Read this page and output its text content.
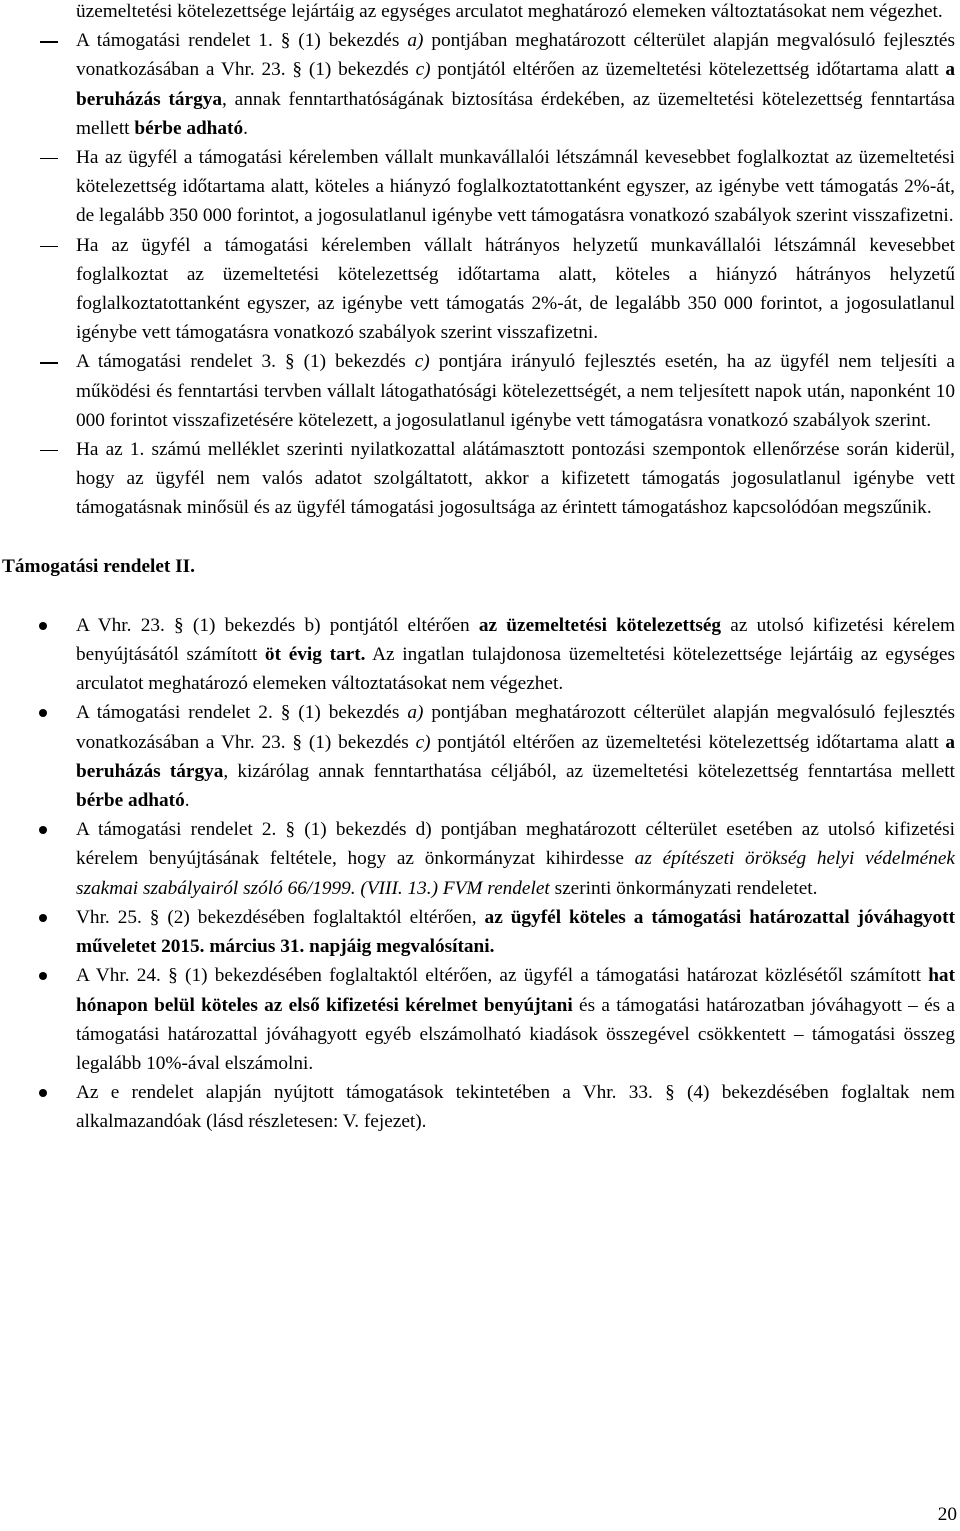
üzemeltetési kötelezettsége lejártáig az egységes arculatot meghatározó elemeken változtatásokat nem végezhet.
A támogatási rendelet 1. § (1) bekezdés a) pontjában meghatározott célterület alapján megvalósuló fejlesztés vonatkozásában a Vhr. 23. § (1) bekezdés c) pontjától eltérően az üzemeltetési kötelezettség időtartama alatt a beruházás tárgya, annak fenntarthatóságának biztosítása érdekében, az üzemeltetési kötelezettség fenntartása mellett bérbe adható.
Ha az ügyfél a támogatási kérelemben vállalt munkavállalói létszámnál kevesebbet foglalkoztat az üzemeltetési kötelezettség időtartama alatt, köteles a hiányzó foglalkoztatottanként egyszer, az igénybe vett támogatás 2%-át, de legalább 350 000 forintot, a jogosulatlanul igénybe vett támogatásra vonatkozó szabályok szerint visszafizetni.
Ha az ügyfél a támogatási kérelemben vállalt hátrányos helyzetű munkavállalói létszámnál kevesebbet foglalkoztat az üzemeltetési kötelezettség időtartama alatt, köteles a hiányzó hátrányos helyzetű foglalkoztatottanként egyszer, az igénybe vett támogatás 2%-át, de legalább 350 000 forintot, a jogosulatlanul igénybe vett támogatásra vonatkozó szabályok szerint visszafizetni.
A támogatási rendelet 3. § (1) bekezdés c) pontjára irányuló fejlesztés esetén, ha az ügyfél nem teljesíti a működési és fenntartási tervben vállalt látogathatósági kötelezettségét, a nem teljesített napok után, naponként 10 000 forintot visszafizetésére kötelezett, a jogosulatlanul igénybe vett támogatásra vonatkozó szabályok szerint.
Ha az 1. számú melléklet szerinti nyilatkozattal alátámasztott pontozási szempontok ellenőrzése során kiderül, hogy az ügyfél nem valós adatot szolgáltatott, akkor a kifizetett támogatás jogosulatlanul igénybe vett támogatásnak minősül és az ügyfél támogatási jogosultsága az érintett támogatáshoz kapcsolódóan megszűnik.
Támogatási rendelet II.
A Vhr. 23. § (1) bekezdés b) pontjától eltérően az üzemeltetési kötelezettség az utolsó kifizetési kérelem benyújtásától számított öt évig tart. Az ingatlan tulajdonosa üzemeltetési kötelezettsége lejártáig az egységes arculatot meghatározó elemeken változtatásokat nem végezhet.
A támogatási rendelet 2. § (1) bekezdés a) pontjában meghatározott célterület alapján megvalósuló fejlesztés vonatkozásában a Vhr. 23. § (1) bekezdés c) pontjától eltérően az üzemeltetési kötelezettség időtartama alatt a beruházás tárgya, kizárólag annak fenntarthatása céljából, az üzemeltetési kötelezettség fenntartása mellett bérbe adható.
A támogatási rendelet 2. § (1) bekezdés d) pontjában meghatározott célterület esetében az utolsó kifizetési kérelem benyújtásának feltétele, hogy az önkormányzat kihirdesse az építészeti örökség helyi védelmének szakmai szabályairól szóló 66/1999. (VIII. 13.) FVM rendelet szerinti önkormányzati rendeletet.
Vhr. 25. § (2) bekezdésében foglaltaktól eltérően, az ügyfél köteles a támogatási határozattal jóváhagyott műveletet 2015. március 31. napjáig megvalósítani.
A Vhr. 24. § (1) bekezdésében foglaltaktól eltérően, az ügyfél a támogatási határozat közlésétől számított hat hónapon belül köteles az első kifizetési kérelmet benyújtani és a támogatási határozatban jóváhagyott – és a támogatási határozattal jóváhagyott egyéb elszámolható kiadások összegével csökkentett – támogatási összeg legalább 10%-ával elszámolni.
Az e rendelet alapján nyújtott támogatások tekintetében a Vhr. 33. § (4) bekezdésében foglaltak nem alkalmazandóak (lásd részletesen: V. fejezet).
20
